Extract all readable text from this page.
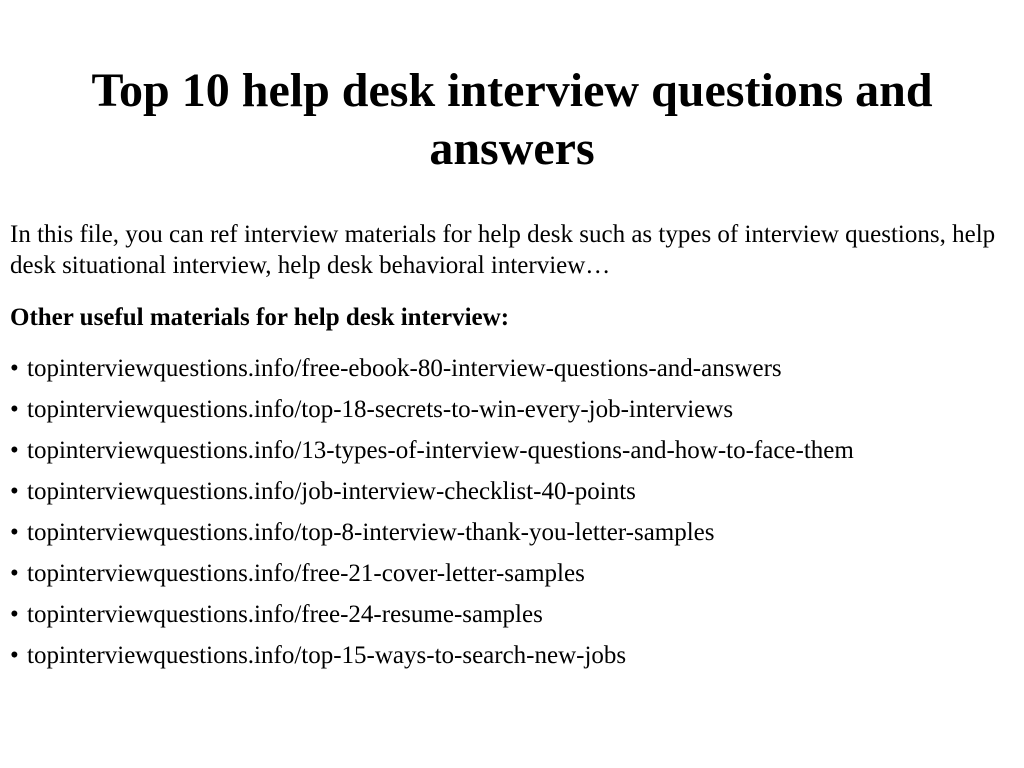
Top 10 help desk interview questions and answers

In this file, you can ref interview materials for help desk such as types of interview questions, help desk situational interview, help desk behavioral interview…

Other useful materials for help desk interview:

• topinterviewquestions.info/free-ebook-80-interview-questions-and-answers
• topinterviewquestions.info/top-18-secrets-to-win-every-job-interviews
• topinterviewquestions.info/13-types-of-interview-questions-and-how-to-face-them
• topinterviewquestions.info/job-interview-checklist-40-points
• topinterviewquestions.info/top-8-interview-thank-you-letter-samples
• topinterviewquestions.info/free-21-cover-letter-samples
• topinterviewquestions.info/free-24-resume-samples
• topinterviewquestions.info/top-15-ways-to-search-new-jobs
